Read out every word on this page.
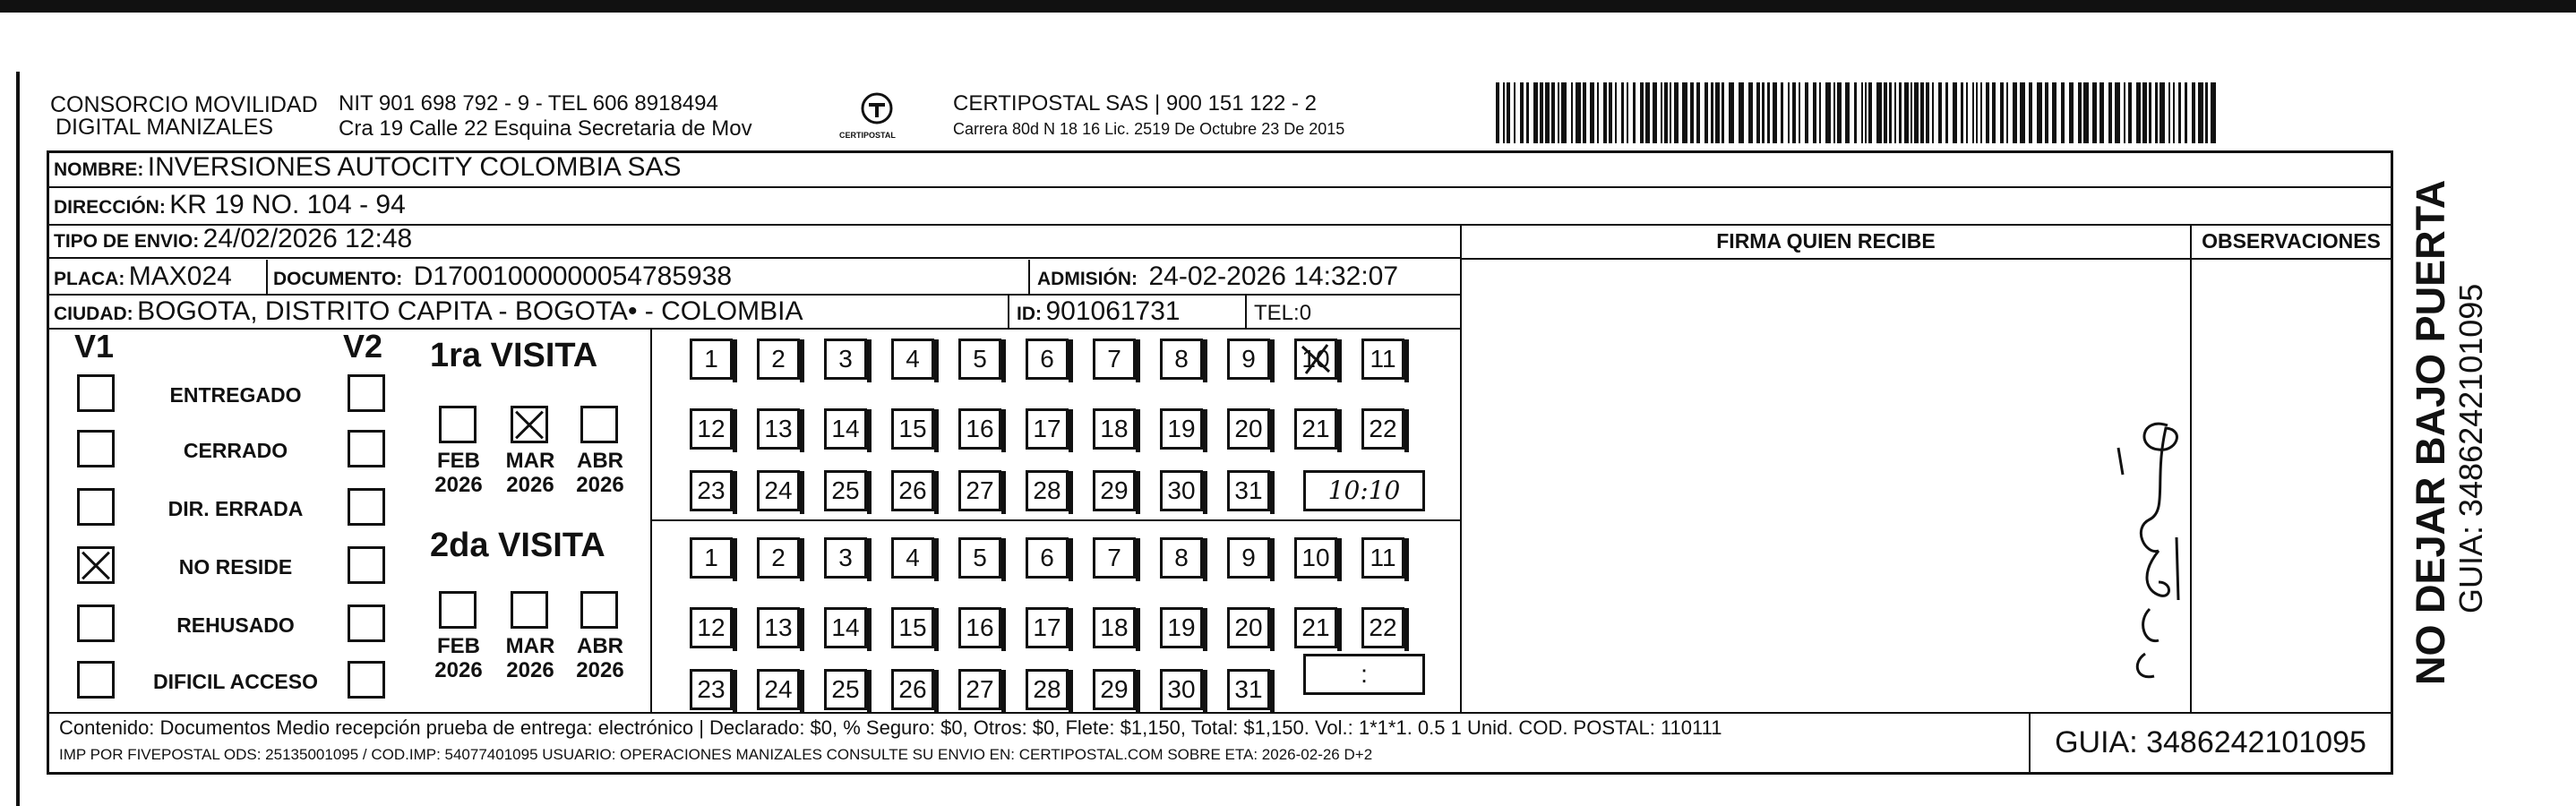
CONSORCIO MOVILIDAD
DIGITAL MANIZALES
NIT 901 698 792 - 9 - TEL 606 8918494
Cra 19 Calle 22 Esquina Secretaria de Mov	CERTIPOSTAL
CERTIPOSTAL SAS | 900 151 122 - 2
Carrera 80d N 18 16 Lic. 2519 De Octubre 23 De 2015
NOMBRE: INVERSIONES AUTOCITY COLOMBIA SAS
DIRECCIÓN: KR 19 NO. 104 - 94
TIPO DE ENVIO: 24/02/2026 12:48
PLACA: MAX024 DOCUMENTO: D17001000000054785938	ADMISIÓN: 24-02-2026 14:32:07
CIUDAD: BOGOTA, DISTRITO CAPITA - BOGOTA• - COLOMBIA	ID: 901061731	TEL:0
FIRMA QUIEN RECIBE	OBSERVACIONES
V1	V2
ENTREGADO
CERRADO
DIR. ERRADA
NO RESIDE
REHUSADO
DIFICIL ACCESO
1ra VISITA
2da VISITA
FEB
2026
MAR
2026
ABR
2026
FEB
2026
MAR
2026
ABR
2026
1	2	3	4	5	6	7	8	9	10	11
12	13	14	15	16	17	18	19	20	21	22
23	24	25	26	27	28	29	30	31
1	2	3	4	5	6	7	8	9	10	11
12	13	14	15	16	17	18	19	20	21	22
23	24	25	26	27	28	29	30	31
10:10
:
Contenido: Documentos Medio recepción prueba de entrega: electrónico | Declarado: $0, % Seguro: $0, Otros: $0, Flete: $1,150, Total: $1,150. Vol.: 1*1*1. 0.5 1 Unid. COD. POSTAL: 110111
IMP POR FIVEPOSTAL ODS: 25135001095 / COD.IMP: 54077401095 USUARIO: OPERACIONES MANIZALES CONSULTE SU ENVIO EN: CERTIPOSTAL.COM SOBRE ETA: 2026-02-26 D+2	GUIA: 3486242101095
NO DEJAR BAJO PUERTA GUIA: 3486242101095
